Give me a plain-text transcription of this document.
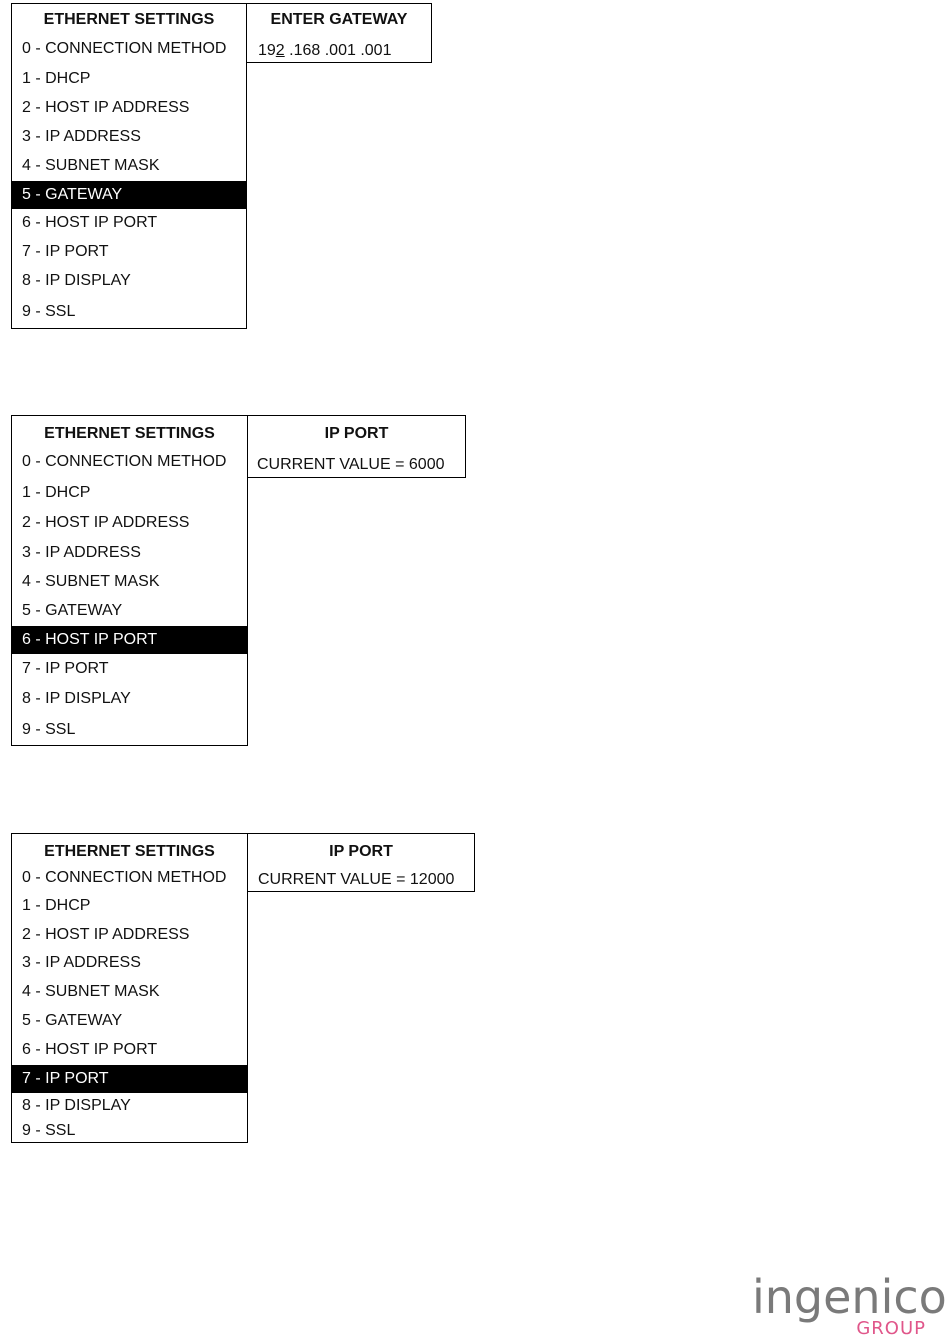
ETHERNET SETTINGS
0 - CONNECTION METHOD
1 - DHCP
2 - HOST IP ADDRESS
3 - IP ADDRESS
4 - SUBNET MASK
5 - GATEWAY
6 - HOST IP PORT
7 - IP PORT
8 - IP DISPLAY
9 - SSL
ENTER GATEWAY
192 .168 .001 .001
ETHERNET SETTINGS
0 - CONNECTION METHOD
1 - DHCP
2 - HOST IP ADDRESS
3 - IP ADDRESS
4 - SUBNET MASK
5 - GATEWAY
6 - HOST IP PORT
7 - IP PORT
8 - IP DISPLAY
9 - SSL
IP PORT
CURRENT VALUE = 6000
ETHERNET SETTINGS
0 - CONNECTION METHOD
1 - DHCP
2 - HOST IP ADDRESS
3 - IP ADDRESS
4 - SUBNET MASK
5 - GATEWAY
6 - HOST IP PORT
7 - IP PORT
8 - IP DISPLAY
9 - SSL
IP PORT
CURRENT VALUE = 12000
ingenico
GROUP
